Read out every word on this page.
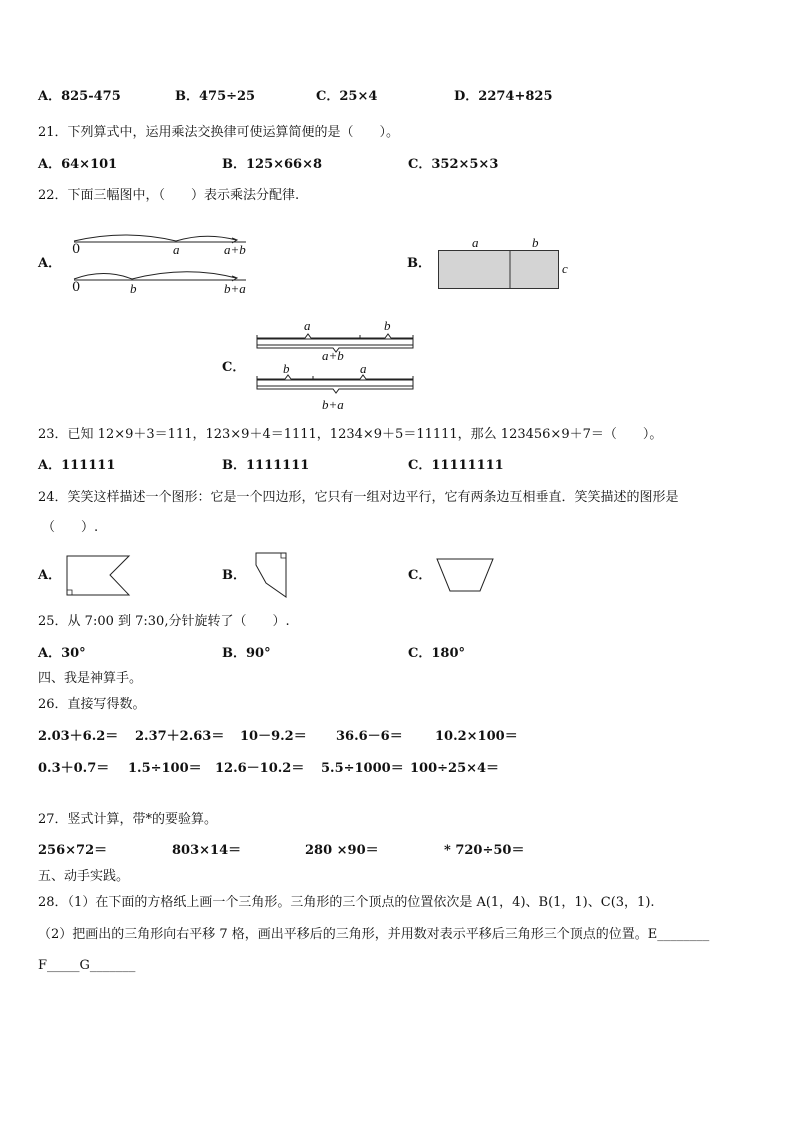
A．825-475	B．475÷25	C．25×4	D．2274+825
21．下列算式中，运用乘法交换律可使运算简便的是（　　）。
A．64×101	B．125×66×8	C．352×5×3
22．下面三幅图中，（　　）表示乘法分配律.
A．
0	a	a+b
0	b	b+a
B．
a	b
c
C．
a	b
a+b
b	a
b+a
23．已知 12×9＋3＝111，123×9＋4＝1111，1234×9＋5＝11111，那么 123456×9＋7＝（　　）。
A．111111	B．1111111	C．11111111
24．笑笑这样描述一个图形：它是一个四边形，它只有一组对边平行，它有两条边互相垂直．笑笑描述的图形是
（　　）.
A．	B．	C．
25．从 7:00 到 7:30,分针旋转了（　　）.
A．30°	B．90°	C．180°
四、我是神算手。
26．直接写得数。
2.03＋6.2＝ 2.37＋2.63＝ 10－9.2＝ 36.6－6＝ 10.2×100＝
0.3＋0.7＝ 1.5÷100＝ 12.6－10.2＝ 5.5÷1000＝ 100÷25×4＝
27．竖式计算，带*的要验算。
256×72＝	803×14＝	280 ×90＝	* 720÷50＝
五、动手实践。
28．（1）在下面的方格纸上画一个三角形。三角形的三个顶点的位置依次是 A(1，4)、B(1，1)、C(3，1).
（2）把画出的三角形向右平移 7 格，画出平移后的三角形，并用数对表示平移后三角形三个顶点的位置。E________
F_____G_______
